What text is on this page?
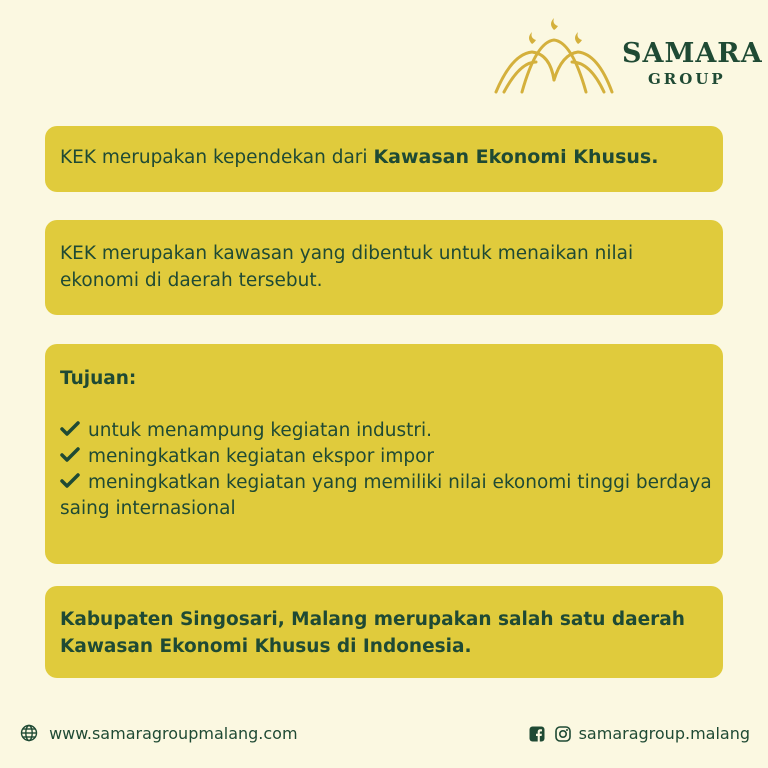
SAMARA
GROUP
KEK merupakan kependekan dari Kawasan Ekonomi Khusus.
KEK merupakan kawasan yang dibentuk untuk menaikan nilai ekonomi di daerah tersebut.
Tujuan:
untuk menampung kegiatan industri.
meningkatkan kegiatan ekspor impor
meningkatkan kegiatan yang memiliki nilai ekonomi tinggi berdaya saing internasional
Kabupaten Singosari, Malang merupakan salah satu daerah Kawasan Ekonomi Khusus di Indonesia.
www.samaragroupmalang.com	samaragroup.malang
